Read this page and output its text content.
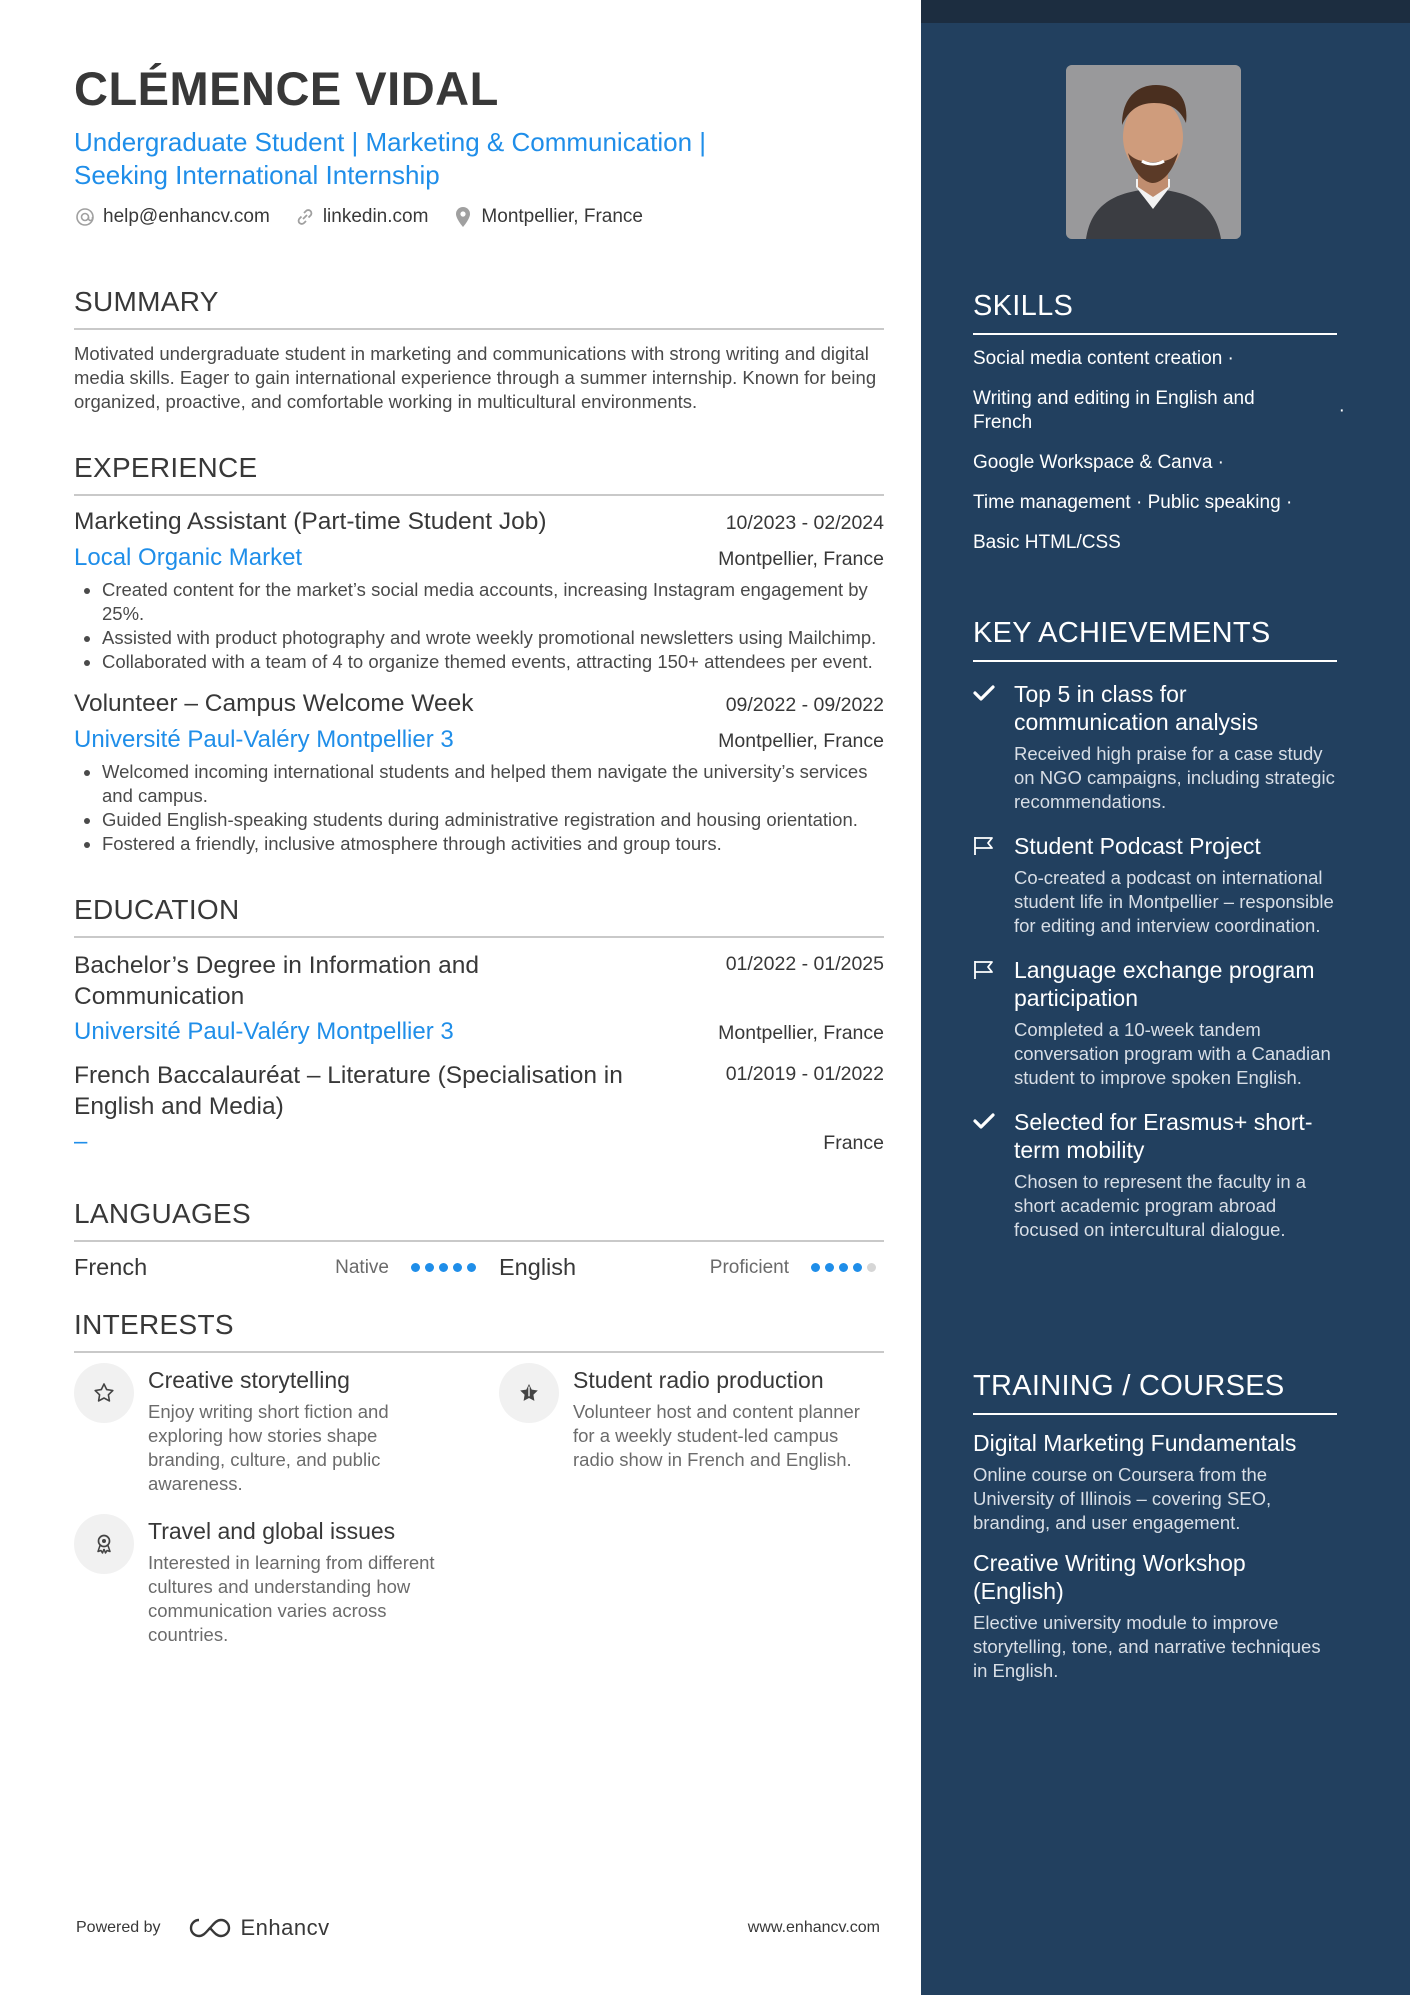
CLÉMENCE VIDAL
Undergraduate Student | Marketing & Communication |
Seeking International Internship
help@enhancv.com	linkedin.com	Montpellier, France
SUMMARY
Motivated undergraduate student in marketing and communications with strong writing and digital media skills. Eager to gain international experience through a summer internship. Known for being organized, proactive, and comfortable working in multicultural environments.
EXPERIENCE
Marketing Assistant (Part-time Student Job)	10/2023 - 02/2024
Local Organic Market	Montpellier, France
• Created content for the market’s social media accounts, increasing Instagram engagement by 25%.
• Assisted with product photography and wrote weekly promotional newsletters using Mailchimp.
• Collaborated with a team of 4 to organize themed events, attracting 150+ attendees per event.
Volunteer – Campus Welcome Week	09/2022 - 09/2022
Université Paul-Valéry Montpellier 3	Montpellier, France
• Welcomed incoming international students and helped them navigate the university’s services and campus.
• Guided English-speaking students during administrative registration and housing orientation.
• Fostered a friendly, inclusive atmosphere through activities and group tours.
EDUCATION
Bachelor’s Degree in Information and Communication
01/2022 - 01/2025
Université Paul-Valéry Montpellier 3	Montpellier, France
French Baccalauréat – Literature (Specialisation in English and Media)
01/2019 - 01/2022
–	France
LANGUAGES
French	Native	English	Proficient
INTERESTS
Creative storytelling
Enjoy writing short fiction and exploring how stories shape branding, culture, and public awareness.
Student radio production
Volunteer host and content planner for a weekly student-led campus radio show in French and English.
Travel and global issues
Interested in learning from different cultures and understanding how communication varies across countries.
Powered by	Enhancv	www.enhancv.com
SKILLS
Social media content creation ·
Writing and editing in English and French
·
Google Workspace & Canva ·
Time management · Public speaking ·
Basic HTML/CSS
KEY ACHIEVEMENTS
Top 5 in class for communication analysis
Received high praise for a case study on NGO campaigns, including strategic recommendations.
Student Podcast Project
Co-created a podcast on international student life in Montpellier – responsible for editing and interview coordination.
Language exchange program participation
Completed a 10-week tandem conversation program with a Canadian student to improve spoken English.
Selected for Erasmus+ short-term mobility
Chosen to represent the faculty in a short academic program abroad focused on intercultural dialogue.
TRAINING / COURSES
Digital Marketing Fundamentals
Online course on Coursera from the University of Illinois – covering SEO, branding, and user engagement.
Creative Writing Workshop (English)
Elective university module to improve storytelling, tone, and narrative techniques in English.
